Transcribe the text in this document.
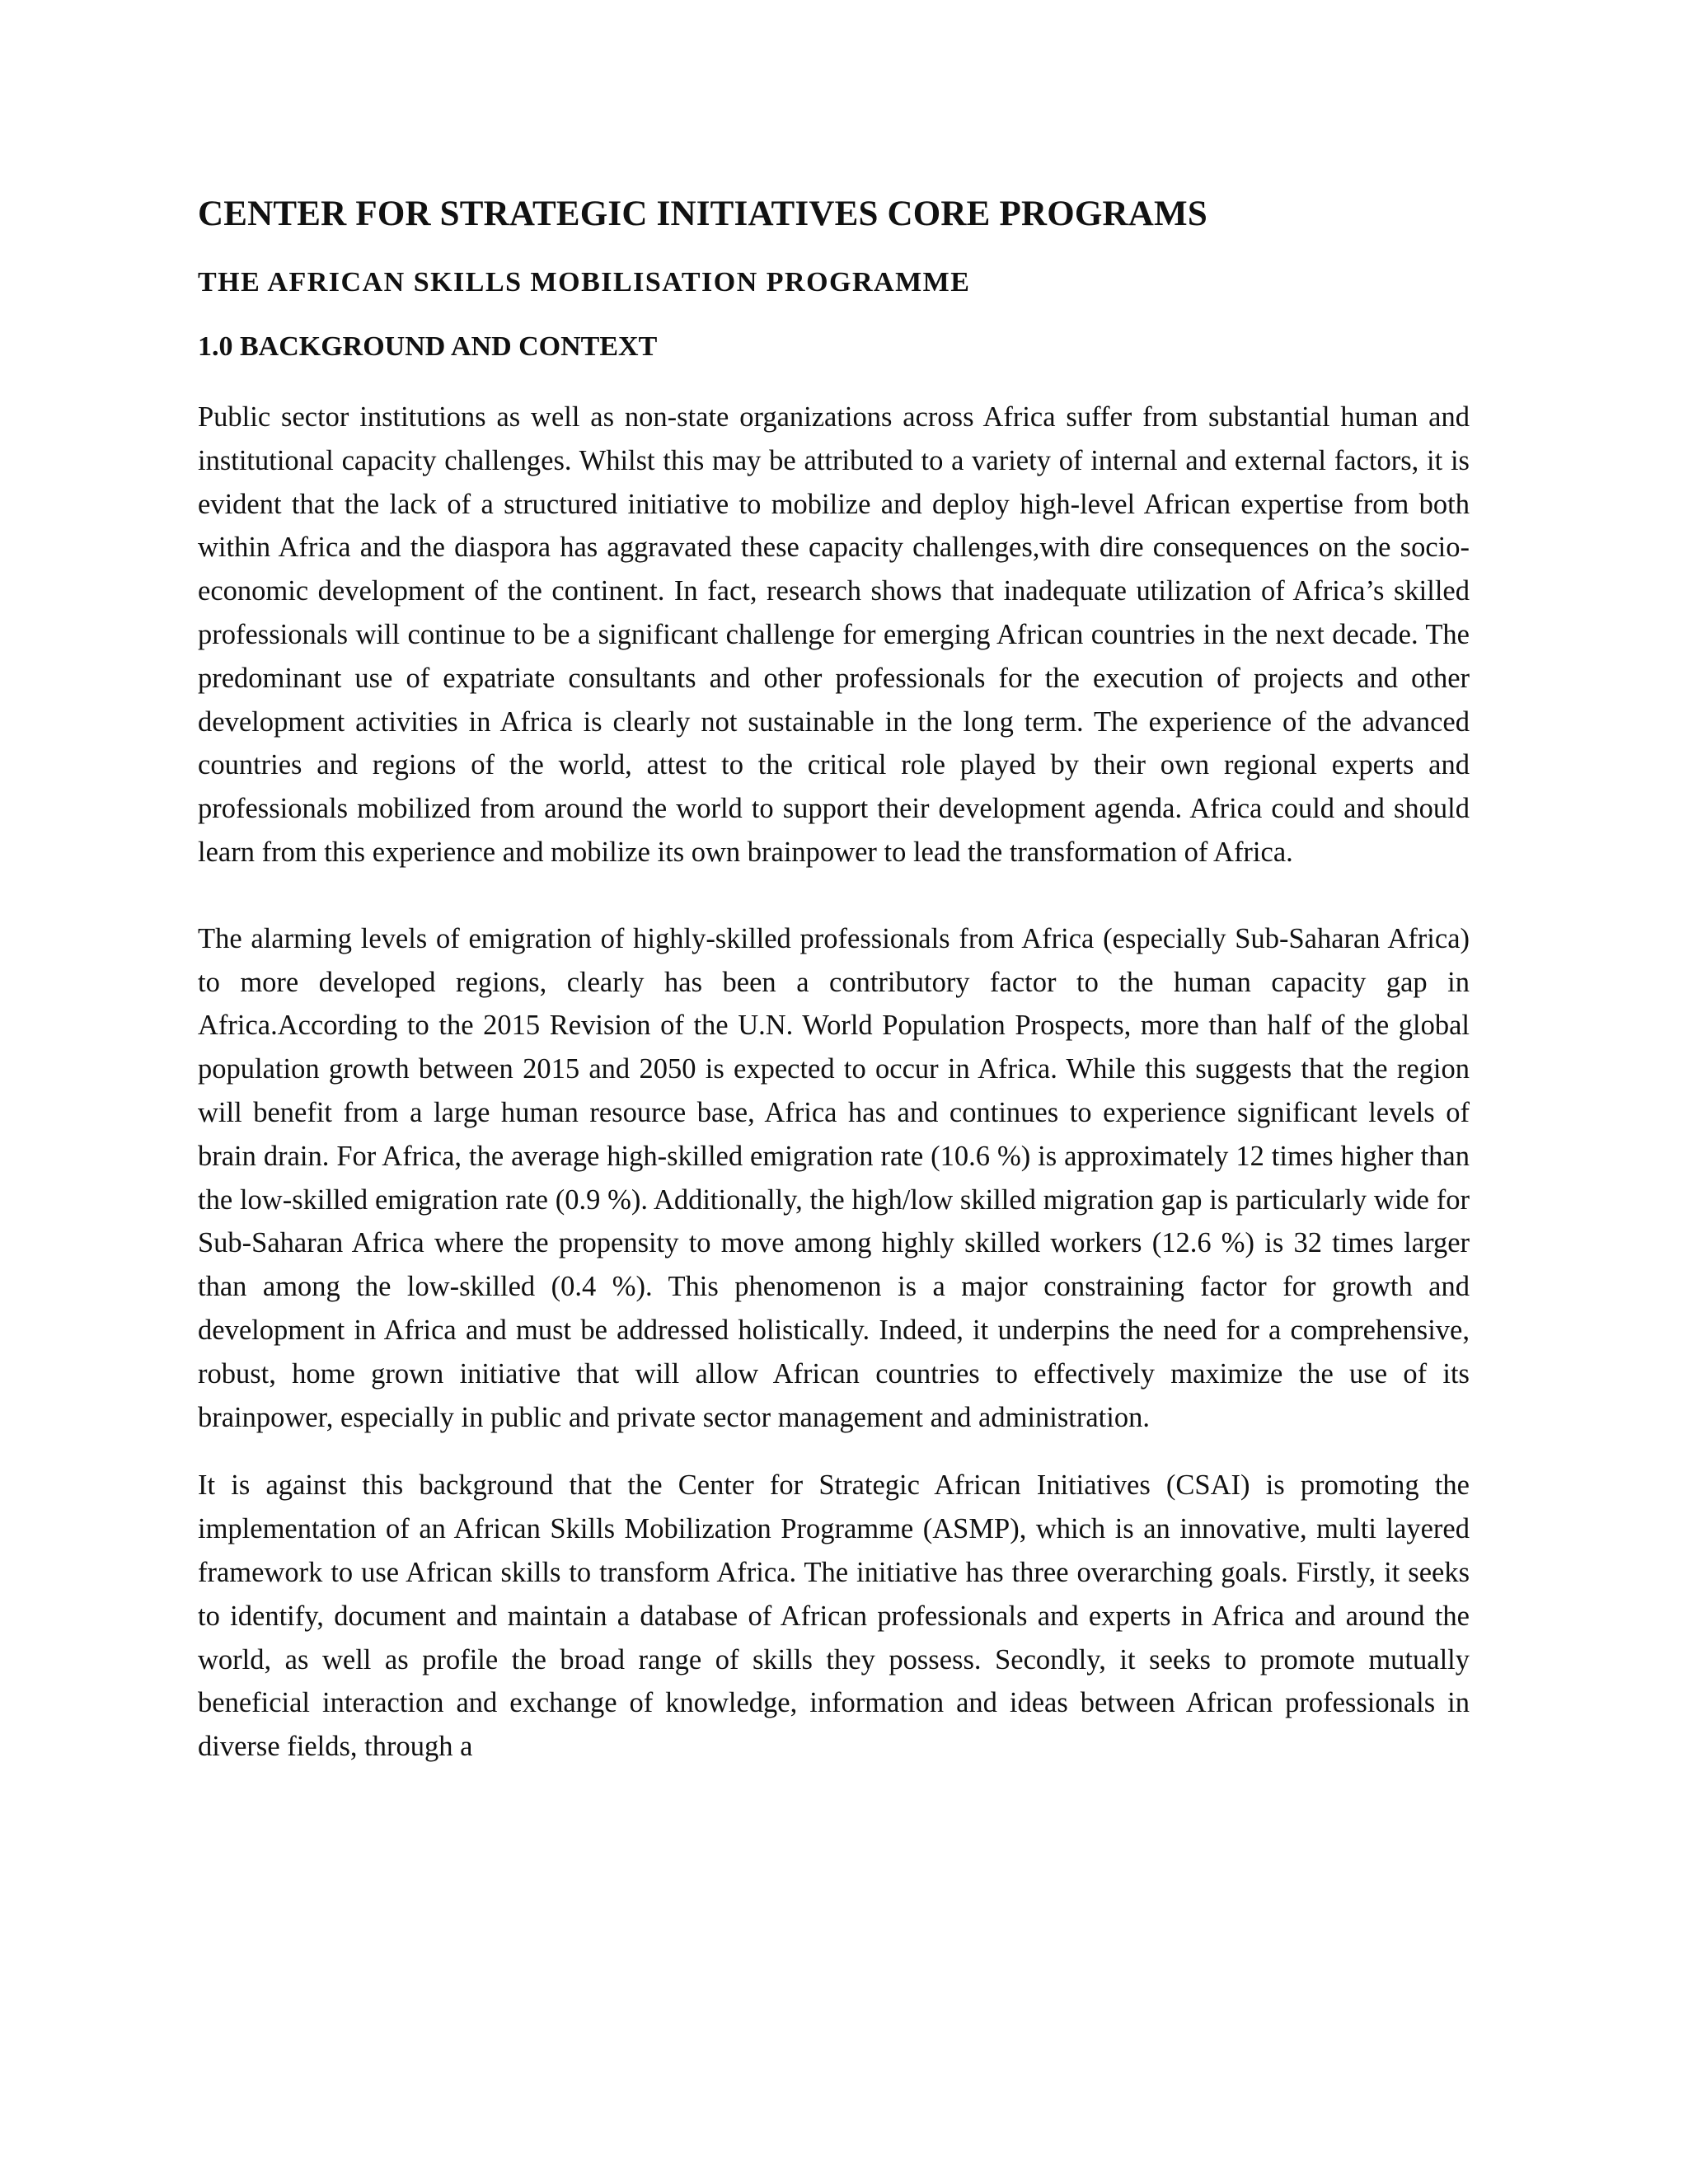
CENTER FOR STRATEGIC INITIATIVES CORE PROGRAMS
THE AFRICAN SKILLS MOBILISATION PROGRAMME
1.0 BACKGROUND AND CONTEXT

Public sector institutions as well as non-state organizations across Africa suffer from substantial human and institutional capacity challenges. Whilst this may be attributed to a variety of internal and external factors, it is evident that the lack of a structured initiative to mobilize and deploy high-level African expertise from both within Africa and the diaspora has aggravated these capacity challenges,with dire consequences on the socio-economic development of the continent. In fact, research shows that inadequate utilization of Africa’s skilled professionals will continue to be a significant challenge for emerging African countries in the next decade. The predominant use of expatriate consultants and other professionals for the execution of projects and other development activities in Africa is clearly not sustainable in the long term. The experience of the advanced countries and regions of the world, attest to the critical role played by their own regional experts and professionals mobilized from around the world to support their development agenda. Africa could and should learn from this experience and mobilize its own brainpower to lead the transformation of Africa.

The alarming levels of emigration of highly-skilled professionals from Africa (especially Sub-Saharan Africa) to more developed regions, clearly has been a contributory factor to the human capacity gap in Africa.According to the 2015 Revision of the U.N. World Population Prospects, more than half of the global population growth between 2015 and 2050 is expected to occur in Africa. While this suggests that the region will benefit from a large human resource base, Africa has and continues to experience significant levels of brain drain. For Africa, the average high-skilled emigration rate (10.6 %) is approximately 12 times higher than the low-skilled emigration rate (0.9 %). Additionally, the high/low skilled migration gap is particularly wide for Sub-Saharan Africa where the propensity to move among highly skilled workers (12.6 %) is 32 times larger than among the low-skilled (0.4 %). This phenomenon is a major constraining factor for growth and development in Africa and must be addressed holistically. Indeed, it underpins the need for a comprehensive, robust, home grown initiative that will allow African countries to effectively maximize the use of its brainpower, especially in public and private sector management and administration.

It is against this background that the Center for Strategic African Initiatives (CSAI) is promoting the implementation of an African Skills Mobilization Programme (ASMP), which is an innovative, multi layered framework to use African skills to transform Africa. The initiative has three overarching goals. Firstly, it seeks to identify, document and maintain a database of African professionals and experts in Africa and around the world, as well as profile the broad range of skills they possess. Secondly, it seeks to promote mutually beneficial interaction and exchange of knowledge, information and ideas between African professionals in diverse fields, through a
